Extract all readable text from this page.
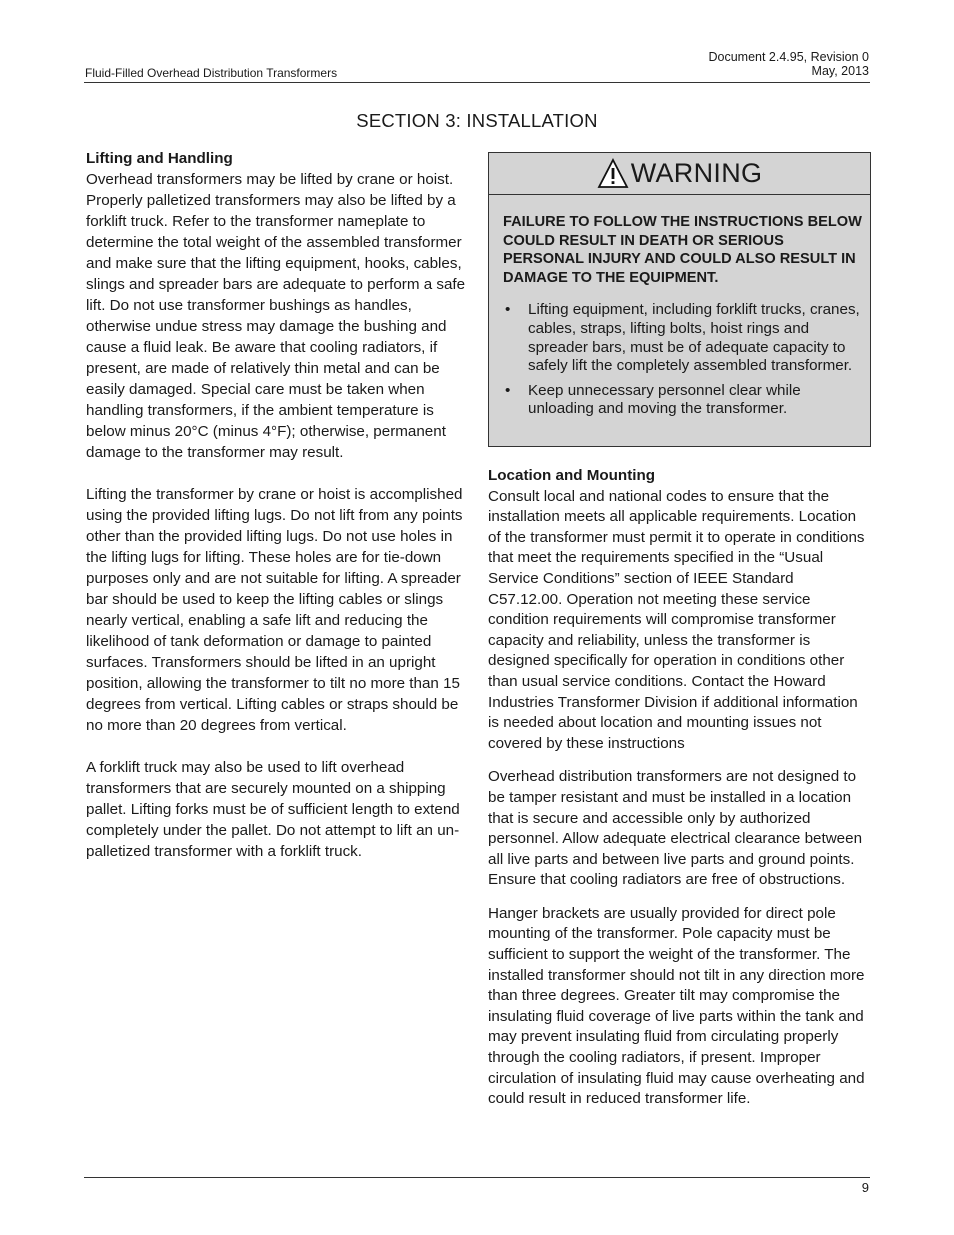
Fluid-Filled Overhead Distribution Transformers
Document 2.4.95, Revision 0
May, 2013
SECTION 3: INSTALLATION
Lifting and Handling

Overhead transformers may be lifted by crane or hoist. Properly palletized transformers may also be lifted by a forklift truck. Refer to the transformer nameplate to determine the total weight of the assembled transformer and make sure that the lifting equipment, hooks, cables, slings and spreader bars are adequate to perform a safe lift. Do not use transformer bushings as handles, otherwise undue stress may damage the bushing and cause a fluid leak. Be aware that cooling radiators, if present, are made of relatively thin metal and can be easily damaged. Special care must be taken when handling transformers, if the ambient temperature is below minus 20°C (minus 4°F); otherwise, permanent damage to the transformer may result.

Lifting the transformer by crane or hoist is accomplished using the provided lifting lugs. Do not lift from any points other than the provided lifting lugs. Do not use holes in the lifting lugs for lifting. These holes are for tie-down purposes only and are not suitable for lifting. A spreader bar should be used to keep the lifting cables or slings nearly vertical, enabling a safe lift and reducing the likelihood of tank deformation or damage to painted surfaces. Transformers should be lifted in an upright position, allowing the transformer to tilt no more than 15 degrees from vertical. Lifting cables or straps should be no more than 20 degrees from vertical.

A forklift truck may also be used to lift overhead transformers that are securely mounted on a shipping pallet. Lifting forks must be of sufficient length to extend completely under the pallet. Do not attempt to lift an un-palletized transformer with a forklift truck.

WARNING
FAILURE TO FOLLOW THE INSTRUCTIONS BELOW COULD RESULT IN DEATH OR SERIOUS PERSONAL INJURY AND COULD ALSO RESULT IN DAMAGE TO THE EQUIPMENT.
• Lifting equipment, including forklift trucks, cranes, cables, straps, lifting bolts, hoist rings and spreader bars, must be of adequate capacity to safely lift the completely assembled transformer.
• Keep unnecessary personnel clear while unloading and moving the transformer.
Location and Mounting

Consult local and national codes to ensure that the installation meets all applicable requirements. Location of the transformer must permit it to operate in conditions that meet the requirements specified in the “Usual Service Conditions” section of IEEE Standard C57.12.00. Operation not meeting these service condition requirements will compromise transformer capacity and reliability, unless the transformer is designed specifically for operation in conditions other than usual service conditions. Contact the Howard Industries Transformer Division if additional information is needed about location and mounting issues not covered by these instructions

Overhead distribution transformers are not designed to be tamper resistant and must be installed in a location that is secure and accessible only by authorized personnel. Allow adequate electrical clearance between all live parts and between live parts and ground points. Ensure that cooling radiators are free of obstructions.

Hanger brackets are usually provided for direct pole mounting of the transformer. Pole capacity must be sufficient to support the weight of the transformer. The installed transformer should not tilt in any direction more than three degrees. Greater tilt may compromise the insulating fluid coverage of live parts within the tank and may prevent insulating fluid from circulating properly through the cooling radiators, if present. Improper circulation of insulating fluid may cause overheating and could result in reduced transformer life.

9
